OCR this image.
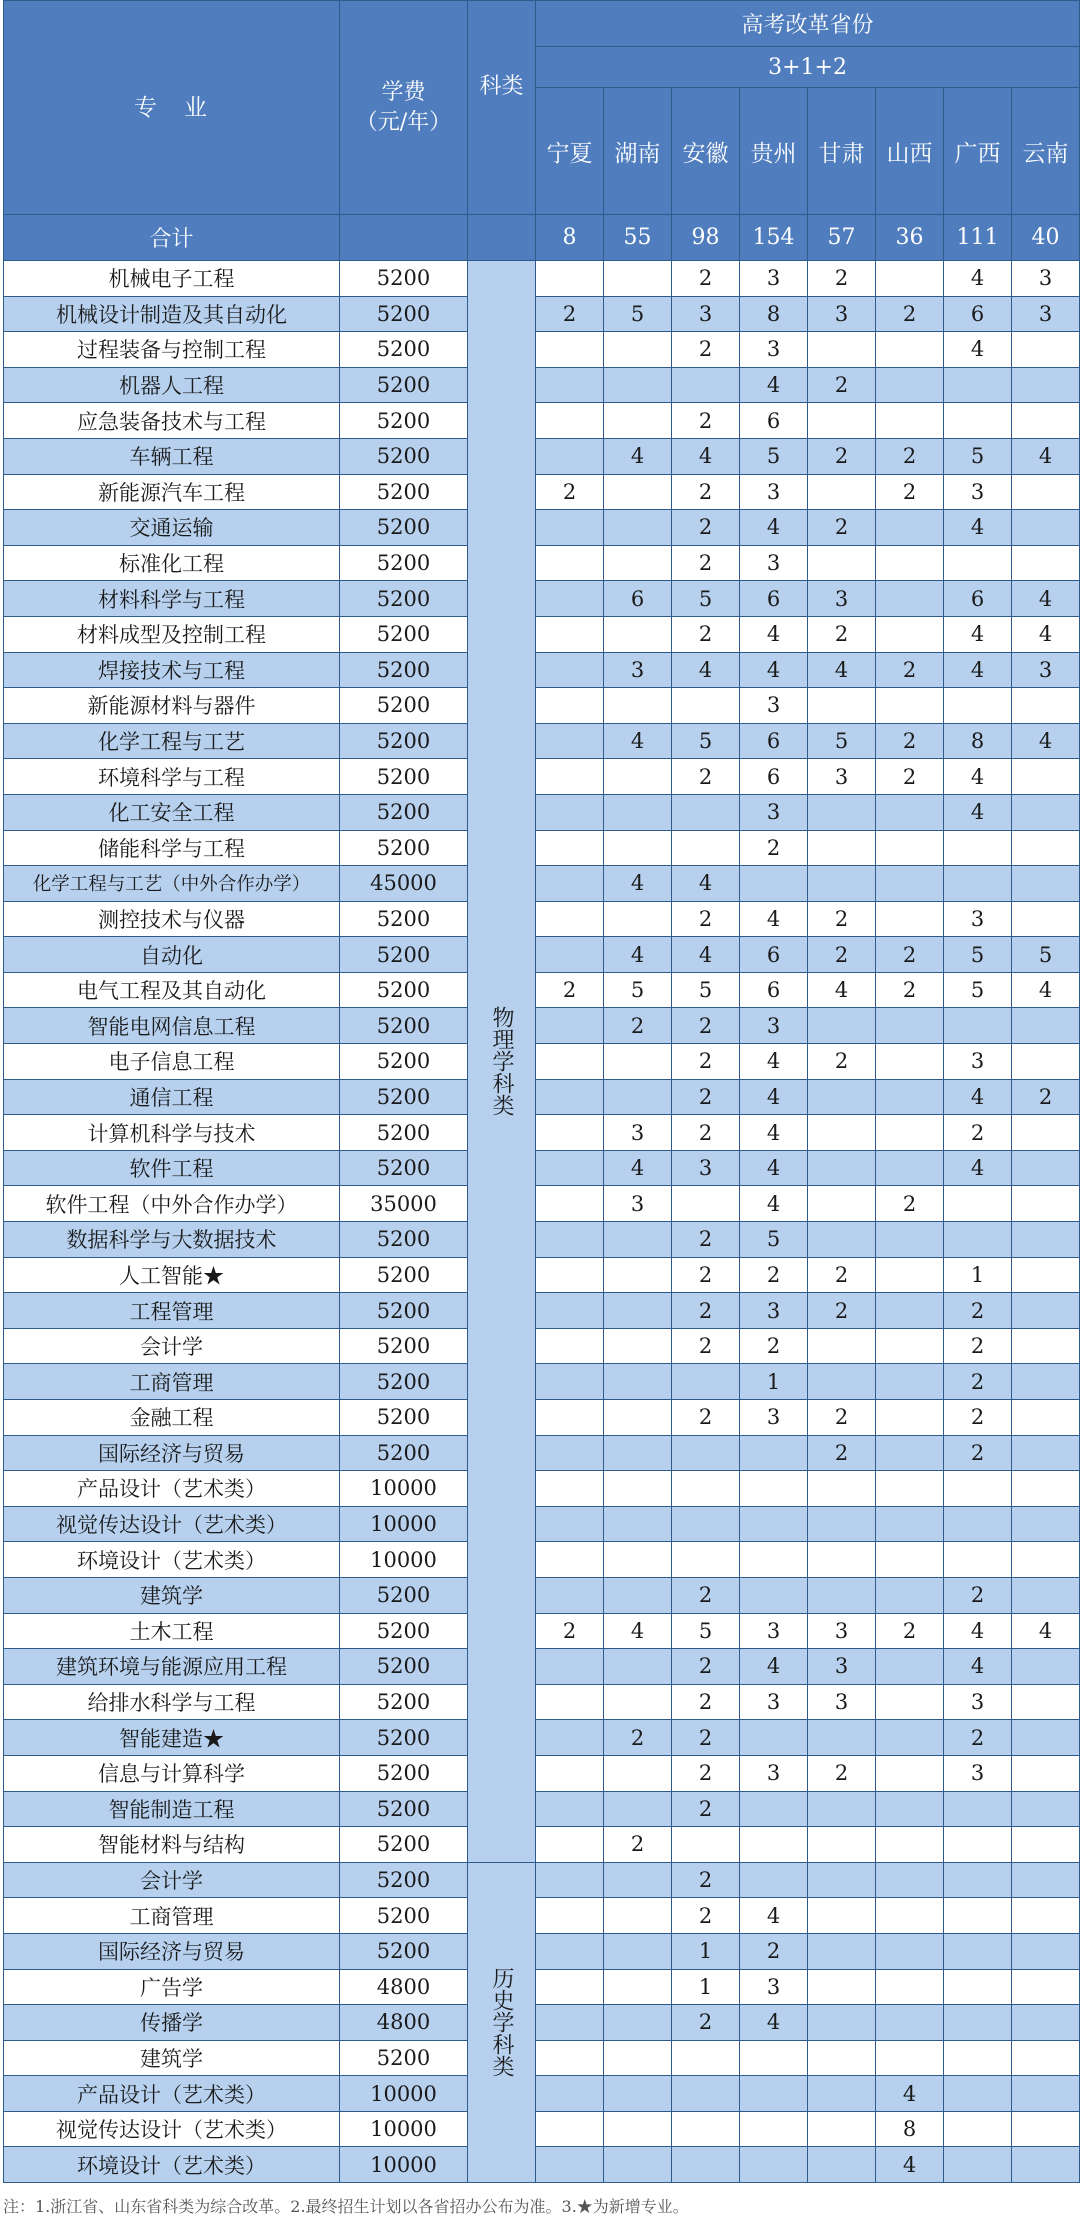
专　业	学费
（元/年）	科类	高考改革省份							
			3+1+2							
			宁夏	湖南	安徽	贵州	甘肃	山西	广西	云南
合计			8	55	98	154	57	36	111	40
机械电子工程	5200	物理学科类			2	3	2		4	3
机械设计制造及其自动化	5200		2	5	3	8	3	2	6	3
过程装备与控制工程	5200				2	3			4	
机器人工程	5200					4	2			
应急装备技术与工程	5200				2	6				
车辆工程	5200			4	4	5	2	2	5	4
新能源汽车工程	5200		2		2	3		2	3	
交通运输	5200				2	4	2		4	
标准化工程	5200				2	3				
材料科学与工程	5200			6	5	6	3		6	4
材料成型及控制工程	5200				2	4	2		4	4
焊接技术与工程	5200			3	4	4	4	2	4	3
新能源材料与器件	5200					3				
化学工程与工艺	5200			4	5	6	5	2	8	4
环境科学与工程	5200				2	6	3	2	4	
化工安全工程	5200					3			4	
储能科学与工程	5200					2				
化学工程与工艺（中外合作办学）	45000			4	4					
测控技术与仪器	5200				2	4	2		3	
自动化	5200			4	4	6	2	2	5	5
电气工程及其自动化	5200		2	5	5	6	4	2	5	4
智能电网信息工程	5200			2	2	3				
电子信息工程	5200				2	4	2		3	
通信工程	5200				2	4			4	2
计算机科学与技术	5200			3	2	4			2	
软件工程	5200			4	3	4			4	
软件工程（中外合作办学）	35000			3		4		2		
数据科学与大数据技术	5200				2	5				
人工智能★	5200				2	2	2		1	
工程管理	5200				2	3	2		2	
会计学	5200				2	2			2	
工商管理	5200					1			2	
金融工程	5200				2	3	2		2	
国际经济与贸易	5200						2		2	
产品设计（艺术类）	10000									
视觉传达设计（艺术类）	10000									
环境设计（艺术类）	10000									
建筑学	5200				2				2	
土木工程	5200		2	4	5	3	3	2	4	4
建筑环境与能源应用工程	5200				2	4	3		4	
给排水科学与工程	5200				2	3	3		3	
智能建造★	5200			2	2				2	
信息与计算科学	5200				2	3	2		3	
智能制造工程	5200				2					
智能材料与结构	5200			2						
会计学	5200	历史学科类			2					
工商管理	5200				2	4				
国际经济与贸易	5200				1	2				
广告学	4800				1	3				
传播学	4800				2	4				
建筑学	5200									
产品设计（艺术类）	10000							4		
视觉传达设计（艺术类）	10000							8		
环境设计（艺术类）	10000							4		
注：1.浙江省、山东省科类为综合改革。2.最终招生计划以各省招办公布为准。3.★为新增专业。
